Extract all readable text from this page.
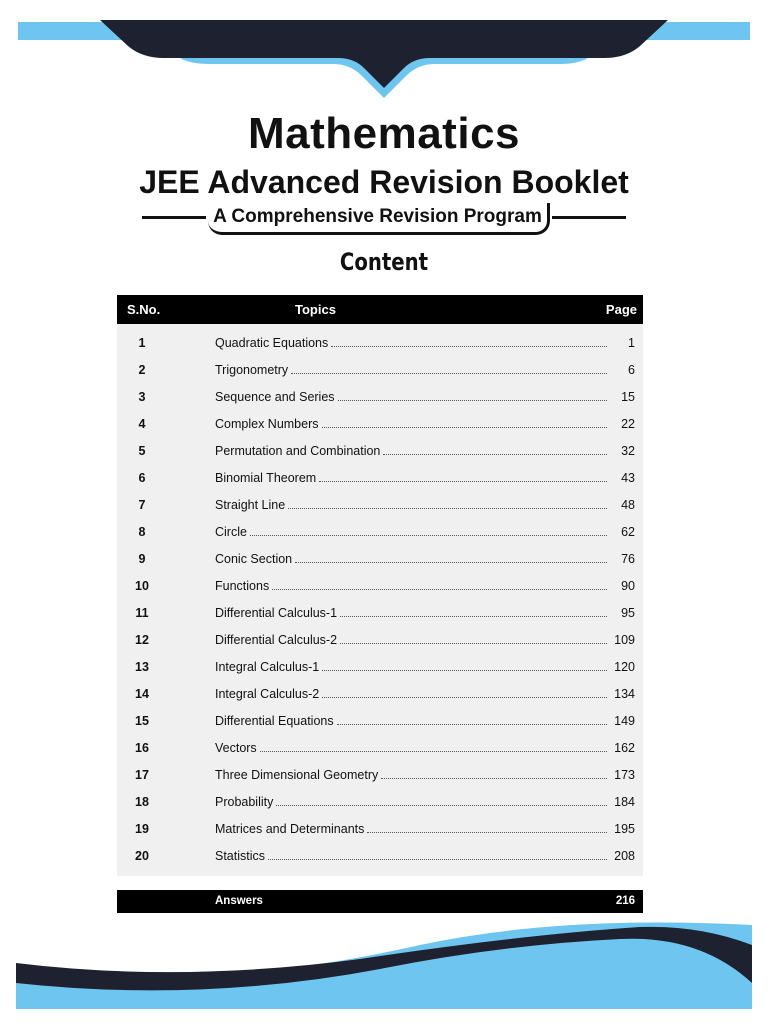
Mathematics
JEE Advanced Revision Booklet
A Comprehensive Revision Program
Content
S.No.	Topics	Page
1	Quadratic Equations	1
2	Trigonometry	6
3	Sequence and Series	15
4	Complex Numbers	22
5	Permutation and Combination	32
6	Binomial Theorem	43
7	Straight Line	48
8	Circle	62
9	Conic Section	76
10	Functions	90
11	Differential Calculus-1	95
12	Differential Calculus-2	109
13	Integral Calculus-1	120
14	Integral Calculus-2	134
15	Differential Equations	149
16	Vectors	162
17	Three Dimensional Geometry	173
18	Probability	184
19	Matrices and Determinants	195
20	Statistics	208
Answers	216
